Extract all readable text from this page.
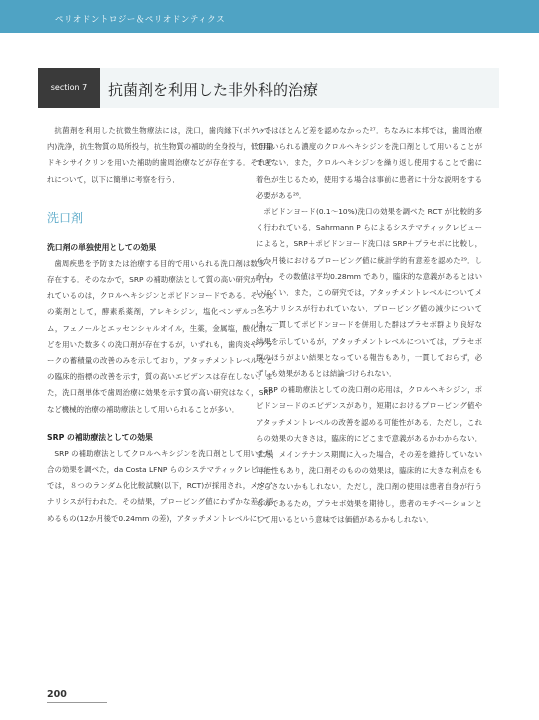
ペリオドントロジー＆ペリオドンティクス
section 7	抗菌剤を利用した非外科的治療

抗菌剤を利用した抗微生物療法には，洗口，歯肉縁下(ポケット内)洗浄，抗生物質の局所投与，抗生物質の補助的全身投与，低用量ドキシサイクリンを用いた補助的歯周治療などが存在する．それぞれについて，以下に簡単に考察を行う．

洗口剤
洗口剤の単独使用としての効果

歯周疾患を予防または治療する目的で用いられる洗口剤は数多く存在する．そのなかで，SRP の補助療法として質の高い研究が行われているのは，クロルヘキシジンとポビドンヨードである．その他の薬剤として，酵素系薬剤，アレキシジン，塩化ベンザルコニウム，フェノールとエッセンシャルオイル，生薬，金属塩，酸化剤などを用いた数多くの洗口剤が存在するが，いずれも，歯肉炎やプラークの蓄積量の改善のみを示しており，アタッチメントレベルなどの臨床的指標の改善を示す，質の高いエビデンスは存在しない．また，洗口剤単体で歯周治療に効果を示す質の高い研究はなく，SRP など機械的治療の補助療法として用いられることが多い．

SRP の補助療法としての効果

SRP の補助療法としてクロルヘキシジンを洗口剤として用いた場合の効果を調べた，da Costa LFNP らのシステマティックレビューでは，８つのランダム化比較試験(以下，RCT)が採用され，メタアナリシスが行われた．その結果，プロービング値にわずかな差を認めるもの(12か月後で0.24mm の差)，アタッチメントレベルにつ

いてはほとんど差を認めなかった²⁷．ちなみに本邦では，歯周治療で用いられる濃度のクロルヘキシジンを洗口剤として用いることができない．また，クロルヘキシジンを繰り返し使用することで歯に着色が生じるため，使用する場合は事前に患者に十分な説明をする必要がある²⁸．

ポビドンヨード(0.1～10%)洗口の効果を調べた RCT が比較的多く行われている．Sahrmann P らによるシステマティックレビューによると，SRP＋ポビドンヨード洗口は SRP＋プラセボに比較し，６か月後におけるプロービング値に統計学的有意差を認めた²⁹．しかし，その数値は平均0.28mm であり，臨床的な意義があるとはいいにくい．また，この研究では，アタッチメントレベルについてメタアナリシスが行われていない．プロービング値の減少については，一貫してポビドンヨードを併用した群はプラセボ群より良好な結果を示しているが，アタッチメントレベルについては，プラセボ群のほうがよい結果となっている報告もあり，一貫しておらず，必ずしも効果があるとは結論づけられない．

SRP の補助療法としての洗口剤の応用は，クロルヘキシジン，ポビドンヨードのエビデンスがあり，短期におけるプロービング値やアタッチメントレベルの改善を認める可能性がある．ただし，これらの効果の大きさは，臨床的にどこまで意義があるかわからない．また，メインテナンス期間に入った場合，その差を維持していない可能性もあり，洗口剤そのものの効果は，臨床的に大きな利点をもたらさないかもしれない．ただし，洗口剤の使用は患者自身が行うものであるため，プラセボ効果を期待し，患者のモチベーションとして用いるという意味では価値があるかもしれない．

200
